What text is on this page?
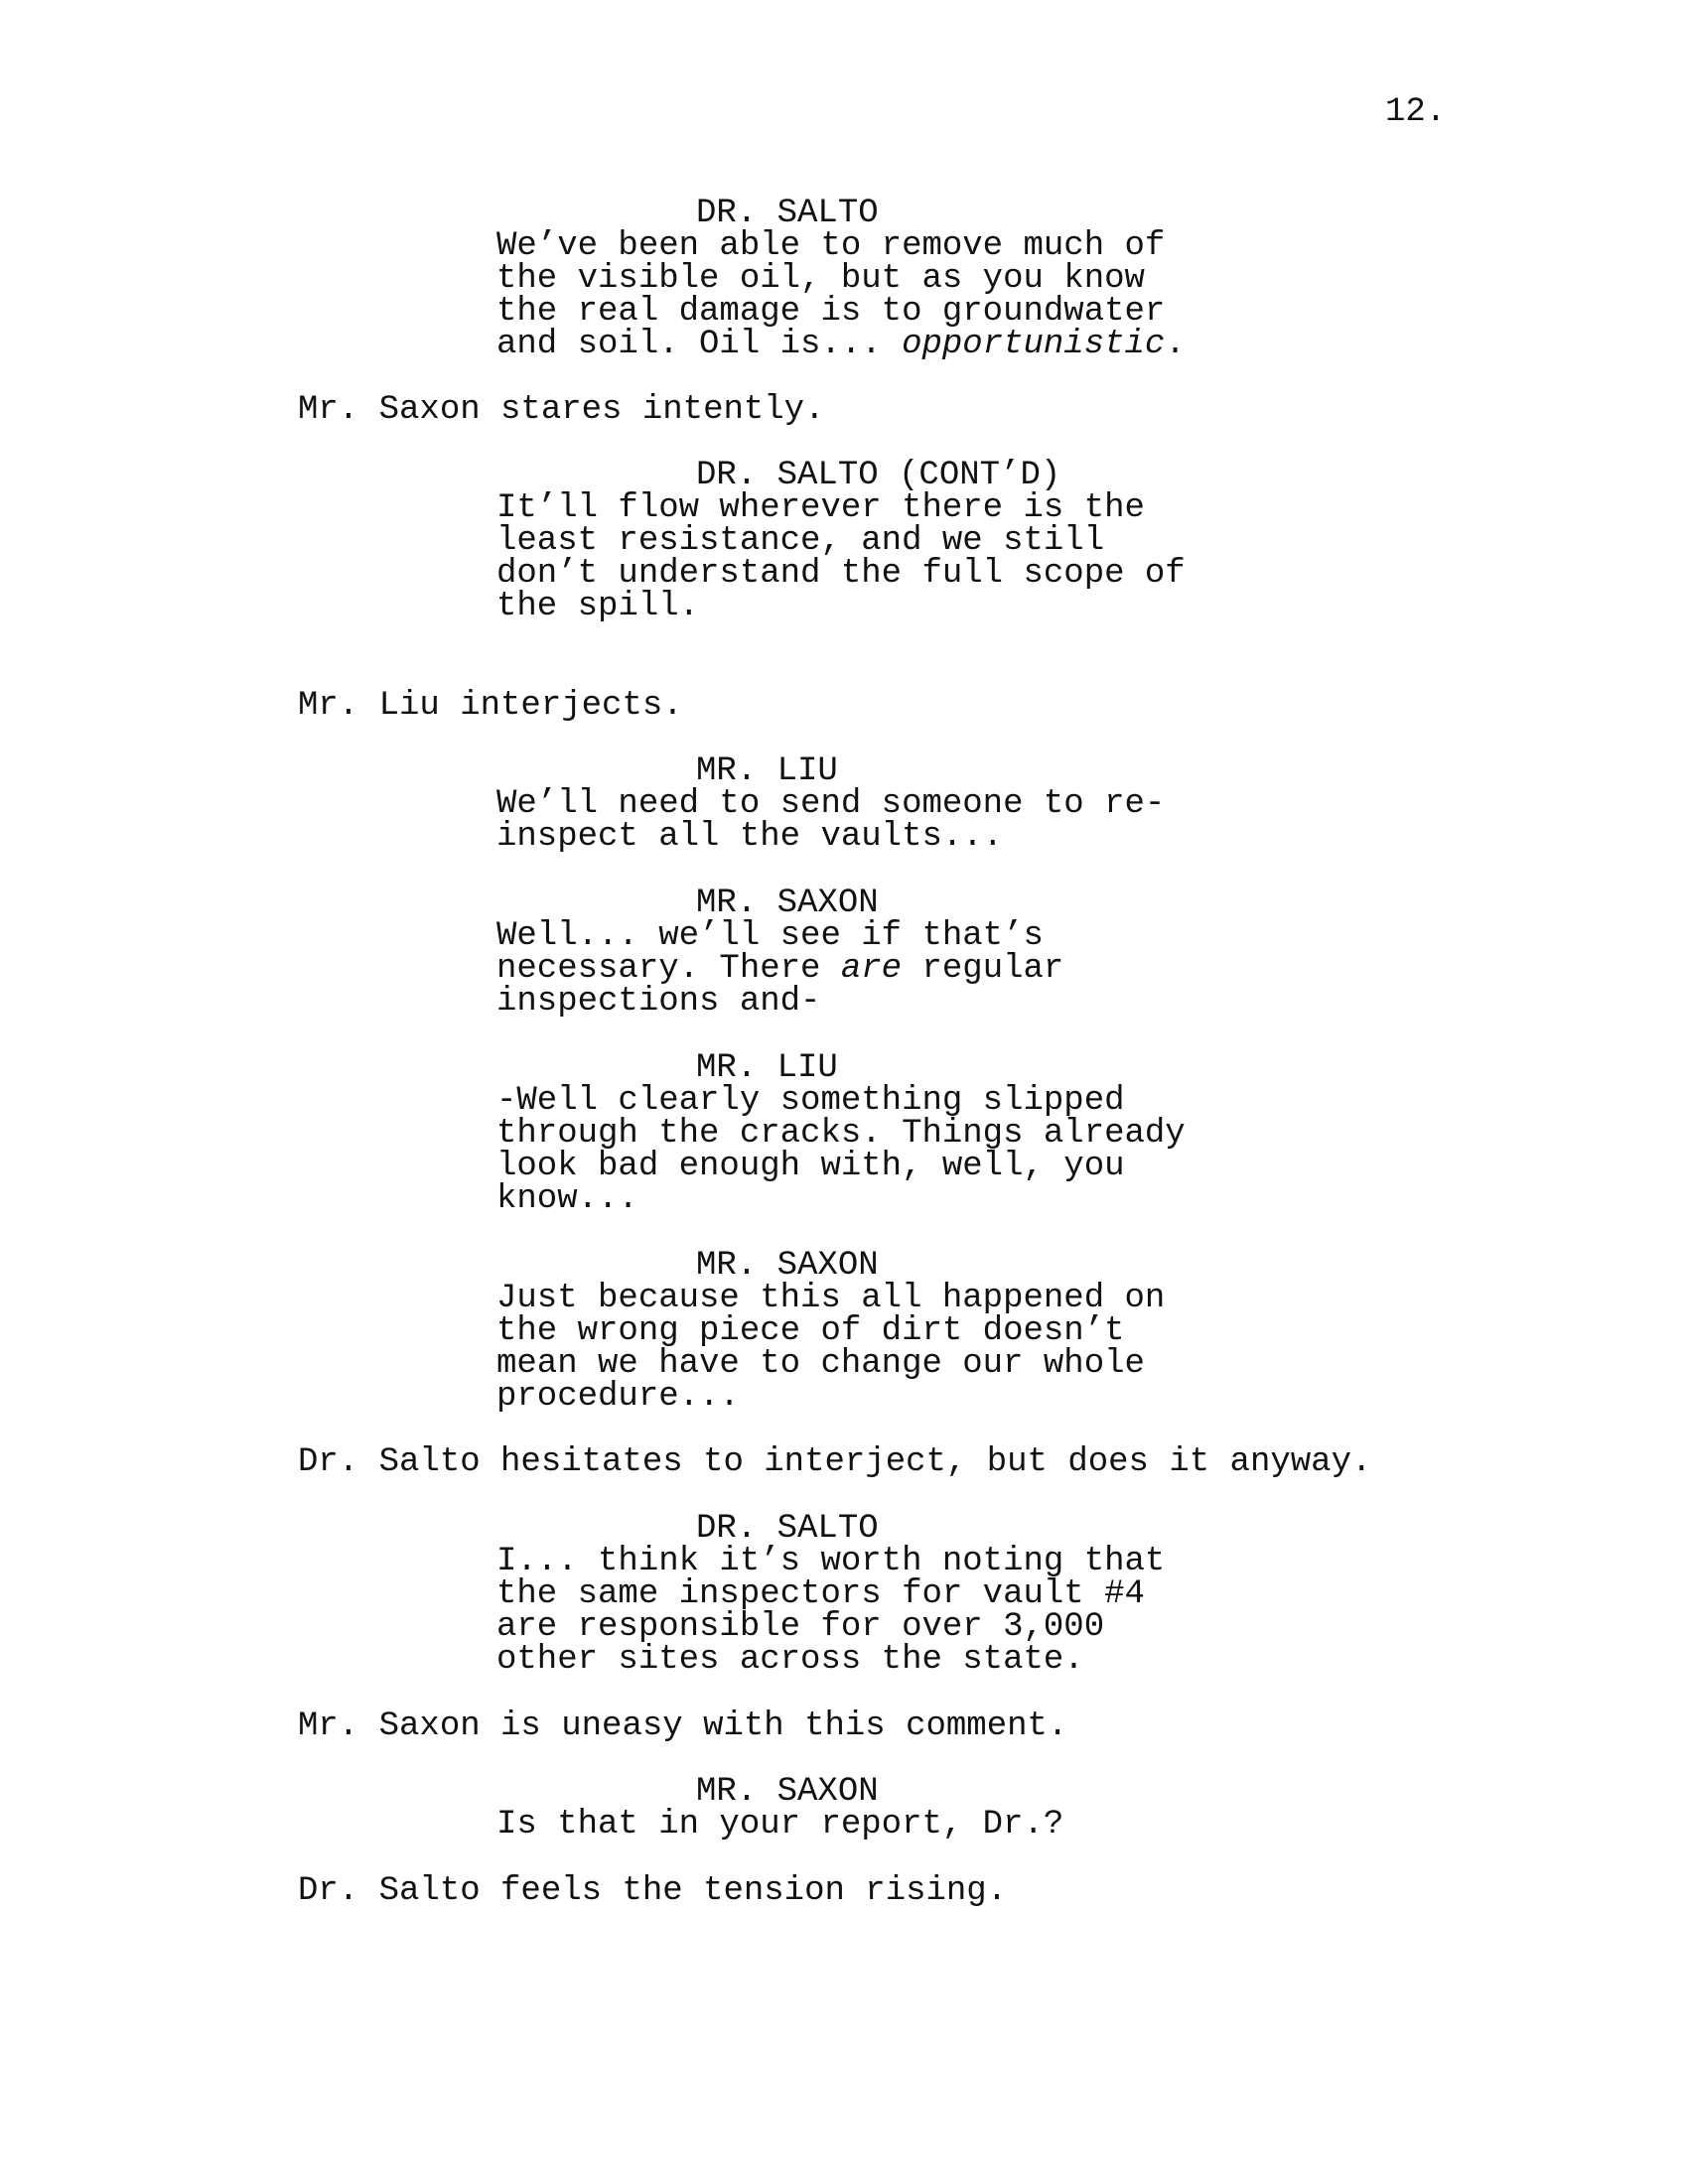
12.
DR. SALTO
We’ve been able to remove much of
the visible oil, but as you know
the real damage is to groundwater
and soil. Oil is... opportunistic.
Mr. Saxon stares intently.
DR. SALTO (CONT’D)
It’ll flow wherever there is the
least resistance, and we still
don’t understand the full scope of
the spill.
Mr. Liu interjects.
MR. LIU
We’ll need to send someone to re-
inspect all the vaults...
MR. SAXON
Well... we’ll see if that’s
necessary. There are regular
inspections and-
MR. LIU
-Well clearly something slipped
through the cracks. Things already
look bad enough with, well, you
know...
MR. SAXON
Just because this all happened on
the wrong piece of dirt doesn’t
mean we have to change our whole
procedure...
Dr. Salto hesitates to interject, but does it anyway.
DR. SALTO
I... think it’s worth noting that
the same inspectors for vault #4
are responsible for over 3,000
other sites across the state.
Mr. Saxon is uneasy with this comment.
MR. SAXON
Is that in your report, Dr.?
Dr. Salto feels the tension rising.
